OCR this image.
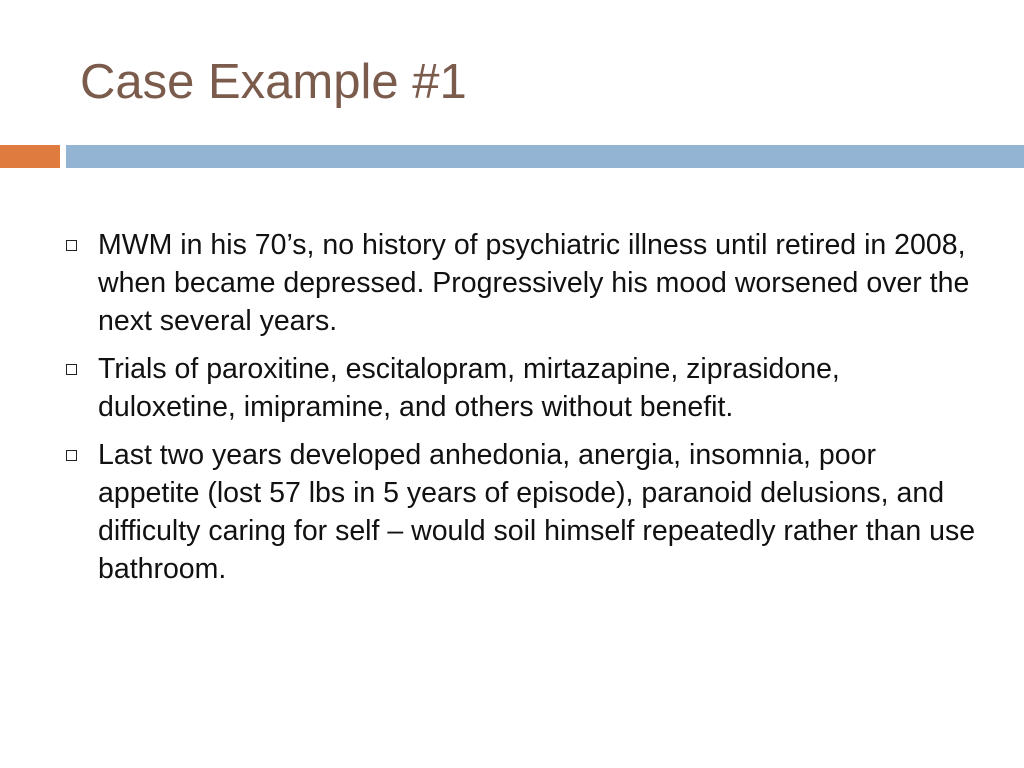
Case Example #1
MWM in his 70’s, no history of psychiatric illness until retired in 2008, when became depressed. Progressively his mood worsened over the next several years.
Trials of paroxitine, escitalopram, mirtazapine, ziprasidone, duloxetine, imipramine, and others without benefit.
Last two years developed anhedonia, anergia, insomnia, poor appetite (lost 57 lbs in 5 years of episode), paranoid delusions, and difficulty caring for self – would soil himself repeatedly rather than use bathroom.
